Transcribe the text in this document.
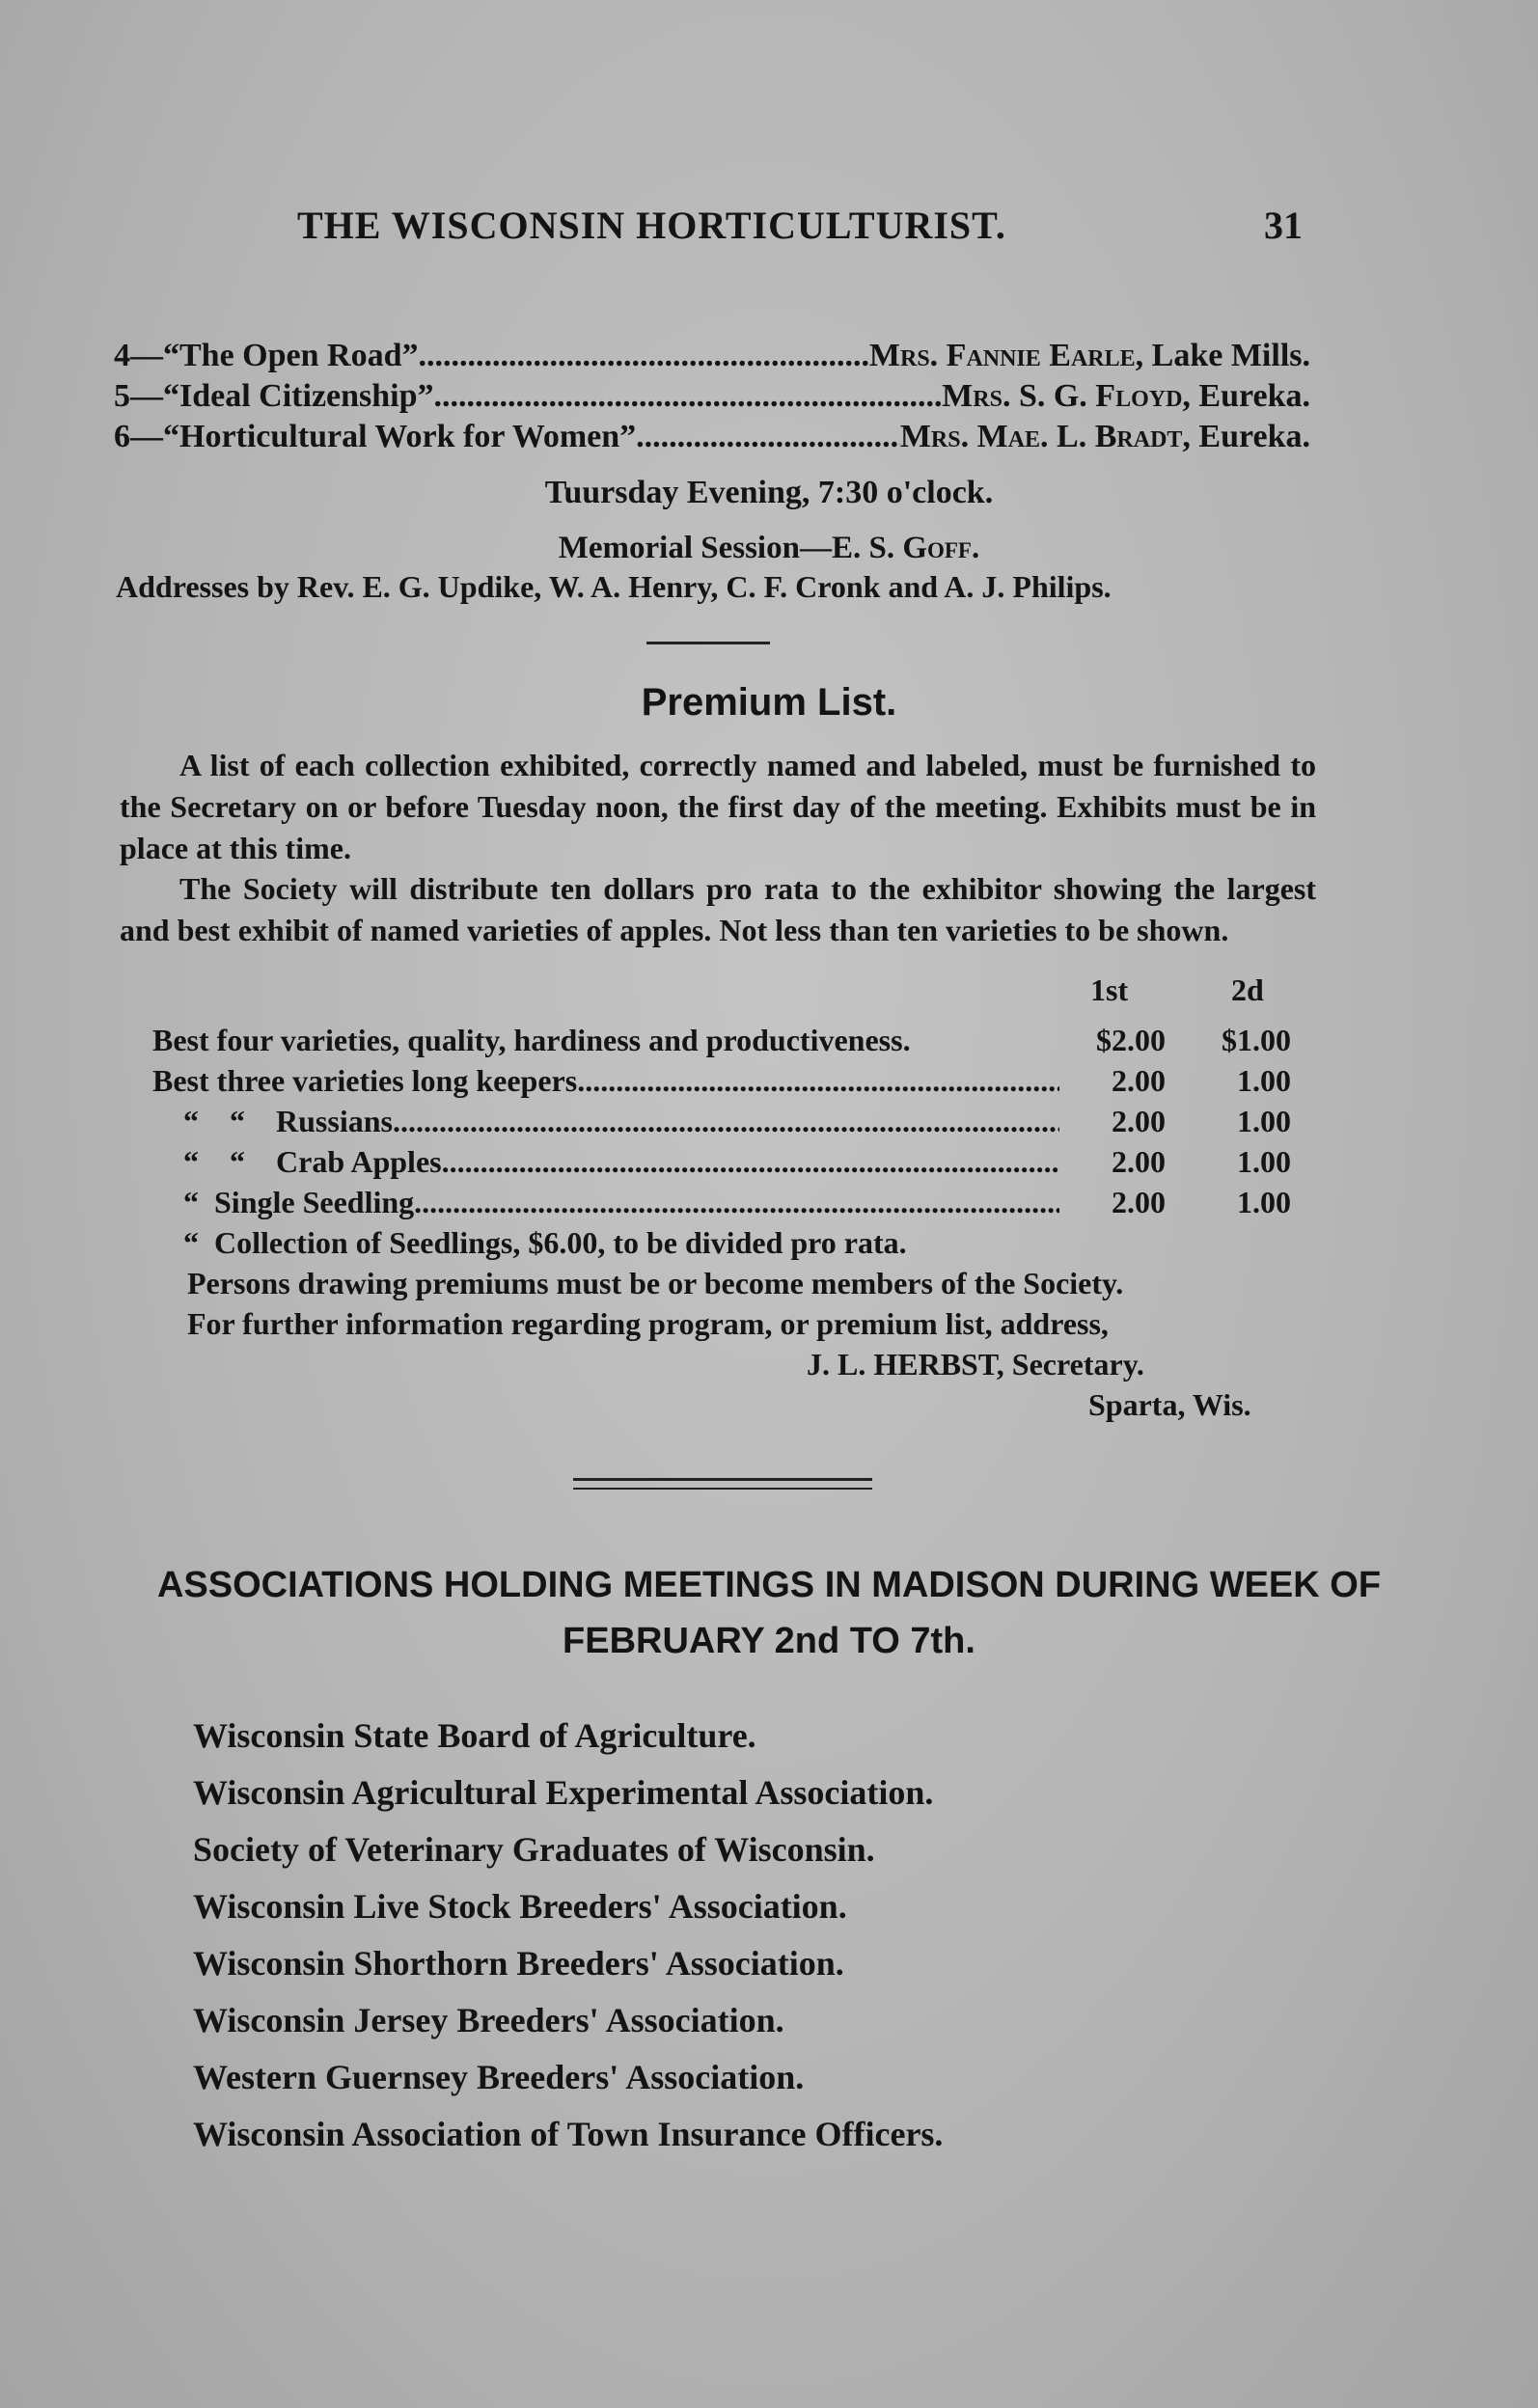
THE WISCONSIN HORTICULTURIST.	31
4— “The Open Road” .....	Mrs. Fannie Earle, Lake Mills.
5— “Ideal Citizenship” .....	Mrs. S. G. Floyd, Eureka.
6— “Horticultural Work for Women” .....	Mrs. Mae. L. Bradt, Eureka.
Tuursday Evening, 7:30 o'clock.
Memorial Session—E. S. Goff.
Addresses by Rev. E. G. Updike, W. A. Henry, C. F. Cronk and A. J. Philips.
Premium List.
A list of each collection exhibited, correctly named and labeled, must be furnished to the Secretary on or before Tuesday noon, the first day of the meeting. Exhibits must be in place at this time.
The Society will distribute ten dollars pro rata to the exhibitor showing the largest and best exhibit of named varieties of apples. Not less than ten varieties to be shown.
1st	2d
Best four varieties, quality, hardiness and productiveness.	$2.00	$1.00
Best three varieties long keepers .....	2.00	1.00
“    “    Russians .....	2.00	1.00
“    “    Crab Apples .....	2.00	1.00
“  Single Seedling .....	2.00	1.00
“  Collection of Seedlings, $6.00, to be divided pro rata.
Persons drawing premiums must be or become members of the Society.
For further information regarding program, or premium list, address,
J. L. HERBST, Secretary.
Sparta, Wis.
ASSOCIATIONS HOLDING MEETINGS IN MADISON DURING WEEK OF
FEBRUARY 2nd TO 7th.
Wisconsin State Board of Agriculture.
Wisconsin Agricultural Experimental Association.
Society of Veterinary Graduates of Wisconsin.
Wisconsin Live Stock Breeders' Association.
Wisconsin Shorthorn Breeders' Association.
Wisconsin Jersey Breeders' Association.
Western Guernsey Breeders' Association.
Wisconsin Association of Town Insurance Officers.
